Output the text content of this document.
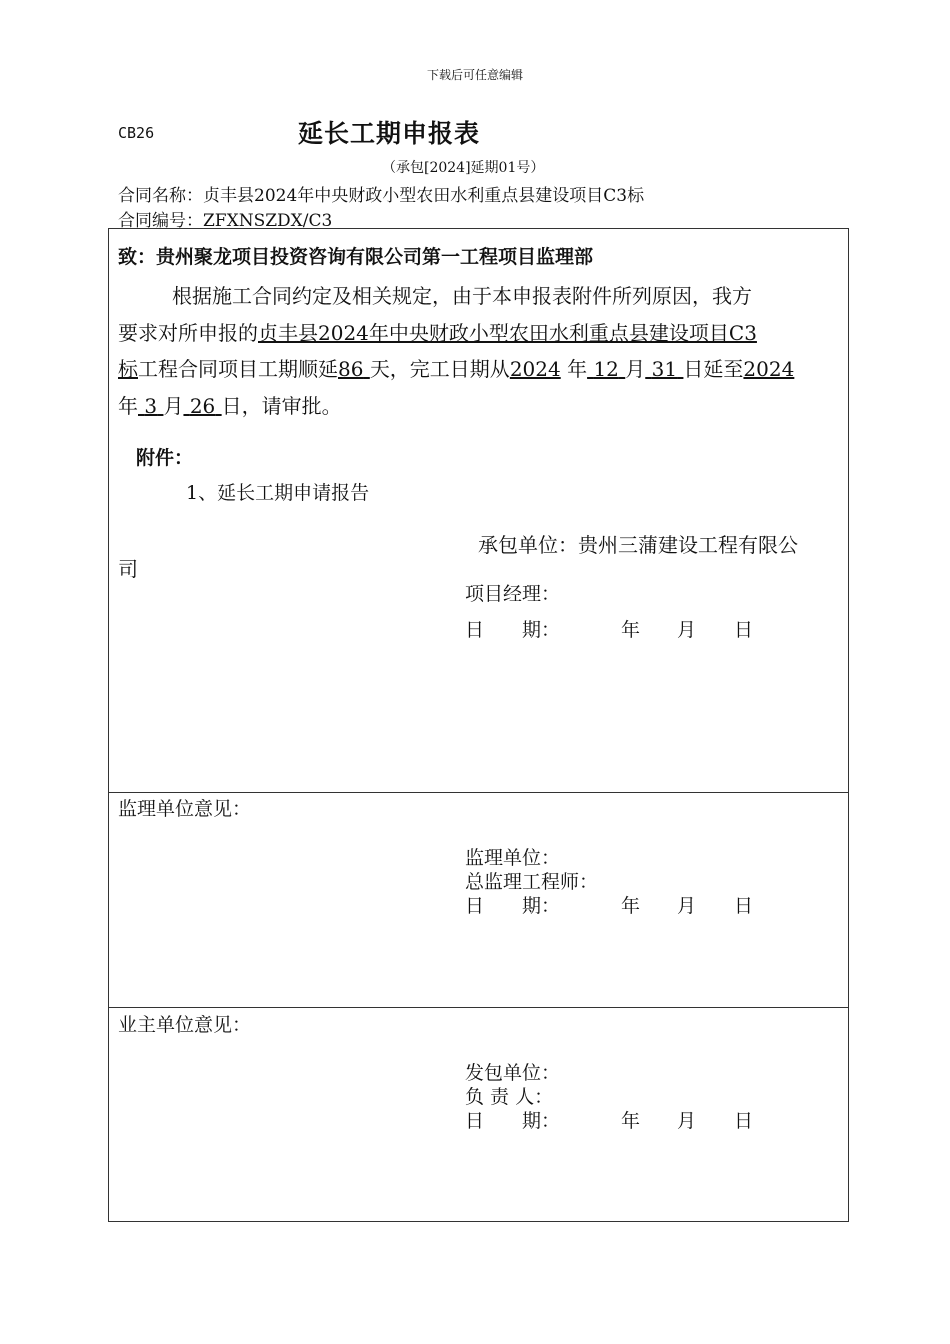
下载后可任意编辑
CB26	延长工期申报表
（承包[2024]延期01号）
合同名称：贞丰县2024年中央财政小型农田水利重点县建设项目C3标
合同编号：ZFXNSZDX/C3
致：贵州聚龙项目投资咨询有限公司第一工程项目监理部
根据施工合同约定及相关规定，由于本申报表附件所列原因，我方
要求对所申报的贞丰县2024年中央财政小型农田水利重点县建设项目C3
标工程合同项目工期顺延86 天，完工日期从2024 年 12 月 31 日延至2024
年 3 月 26 日，请审批。
附件：
1、延长工期申请报告
承包单位：贵州三蒲建设工程有限公
司
项目经理：
日　　期：	年 月 日
监理单位意见：
监理单位：
总监理工程师：
日　　期：	年 月 日
业主单位意见：
发包单位：
负 责 人：
日　　期：	年 月 日
